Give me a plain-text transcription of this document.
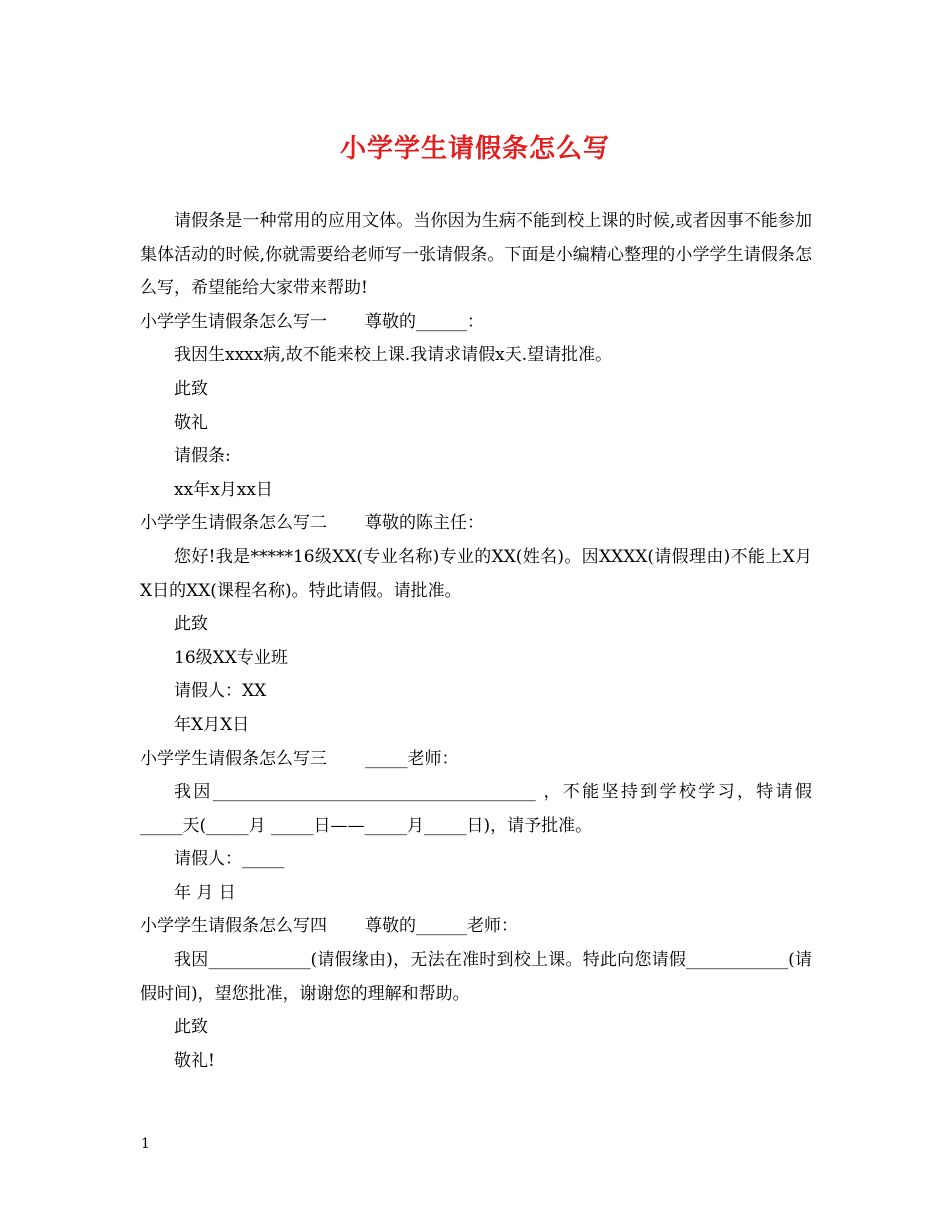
小学学生请假条怎么写

请假条是一种常用的应用文体。当你因为生病不能到校上课的时候,或者因事不能参加集体活动的时候,你就需要给老师写一张请假条。下面是小编精心整理的小学学生请假条怎么写，希望能给大家带来帮助!

小学学生请假条怎么写一 尊敬的______：

我因生xxxx病,故不能来校上课.我请求请假x天.望请批准。

此致

敬礼

请假条:

xx年x月xx日

小学学生请假条怎么写二 尊敬的陈主任：

您好!我是*****16级XX(专业名称)专业的XX(姓名)。因XXXX(请假理由)不能上X月X日的XX(课程名称)。特此请假。请批准。

此致

16级XX专业班

请假人：XX

年X月X日

小学学生请假条怎么写三 _____老师：

我因______________________________________ ，不能坚持到学校学习，特请假_____天(_____月 _____日——_____月_____日)，请予批准。

请假人：_____

年 月 日

小学学生请假条怎么写四 尊敬的______老师：

我因____________(请假缘由)，无法在准时到校上课。特此向您请假____________(请假时间)，望您批准，谢谢您的理解和帮助。

此致

敬礼!

1
